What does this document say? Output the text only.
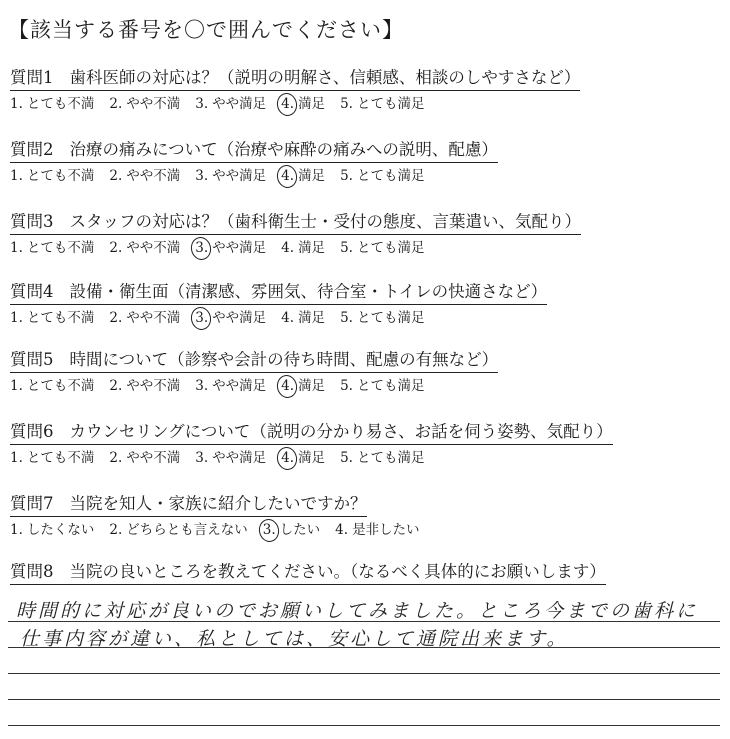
【該当する番号を〇で囲んでください】
質問1 歯科医師の対応は？（説明の明解さ、信頼感、相談のしやすさなど）
1. とても不満 2. やや不満 3. やや満足 4. 満足 5. とても満足
質問2 治療の痛みについて（治療や麻酔の痛みへの説明、配慮）
1. とても不満 2. やや不満 3. やや満足 4. 満足 5. とても満足
質問3 スタッフの対応は？（歯科衛生士・受付の態度、言葉遣い、気配り）
1. とても不満 2. やや不満 3. やや満足 4. 満足 5. とても満足
質問4 設備・衛生面（清潔感、雰囲気、待合室・トイレの快適さなど）
1. とても不満 2. やや不満 3. やや満足 4. 満足 5. とても満足
質問5 時間について（診察や会計の待ち時間、配慮の有無など）
1. とても不満 2. やや不満 3. やや満足 4. 満足 5. とても満足
質問6 カウンセリングについて（説明の分かり易さ、お話を伺う姿勢、気配り）
1. とても不満 2. やや不満 3. やや満足 4. 満足 5. とても満足
質問7 当院を知人・家族に紹介したいですか？
1. したくない 2. どちらとも言えない 3. したい 4. 是非したい
質問8 当院の良いところを教えてください。（なるべく具体的にお願いします）
時間的に対応が良いのでお願いしてみました。ところ今までの歯科に
仕事内容が違い、私としては、安心して通院出来ます。
